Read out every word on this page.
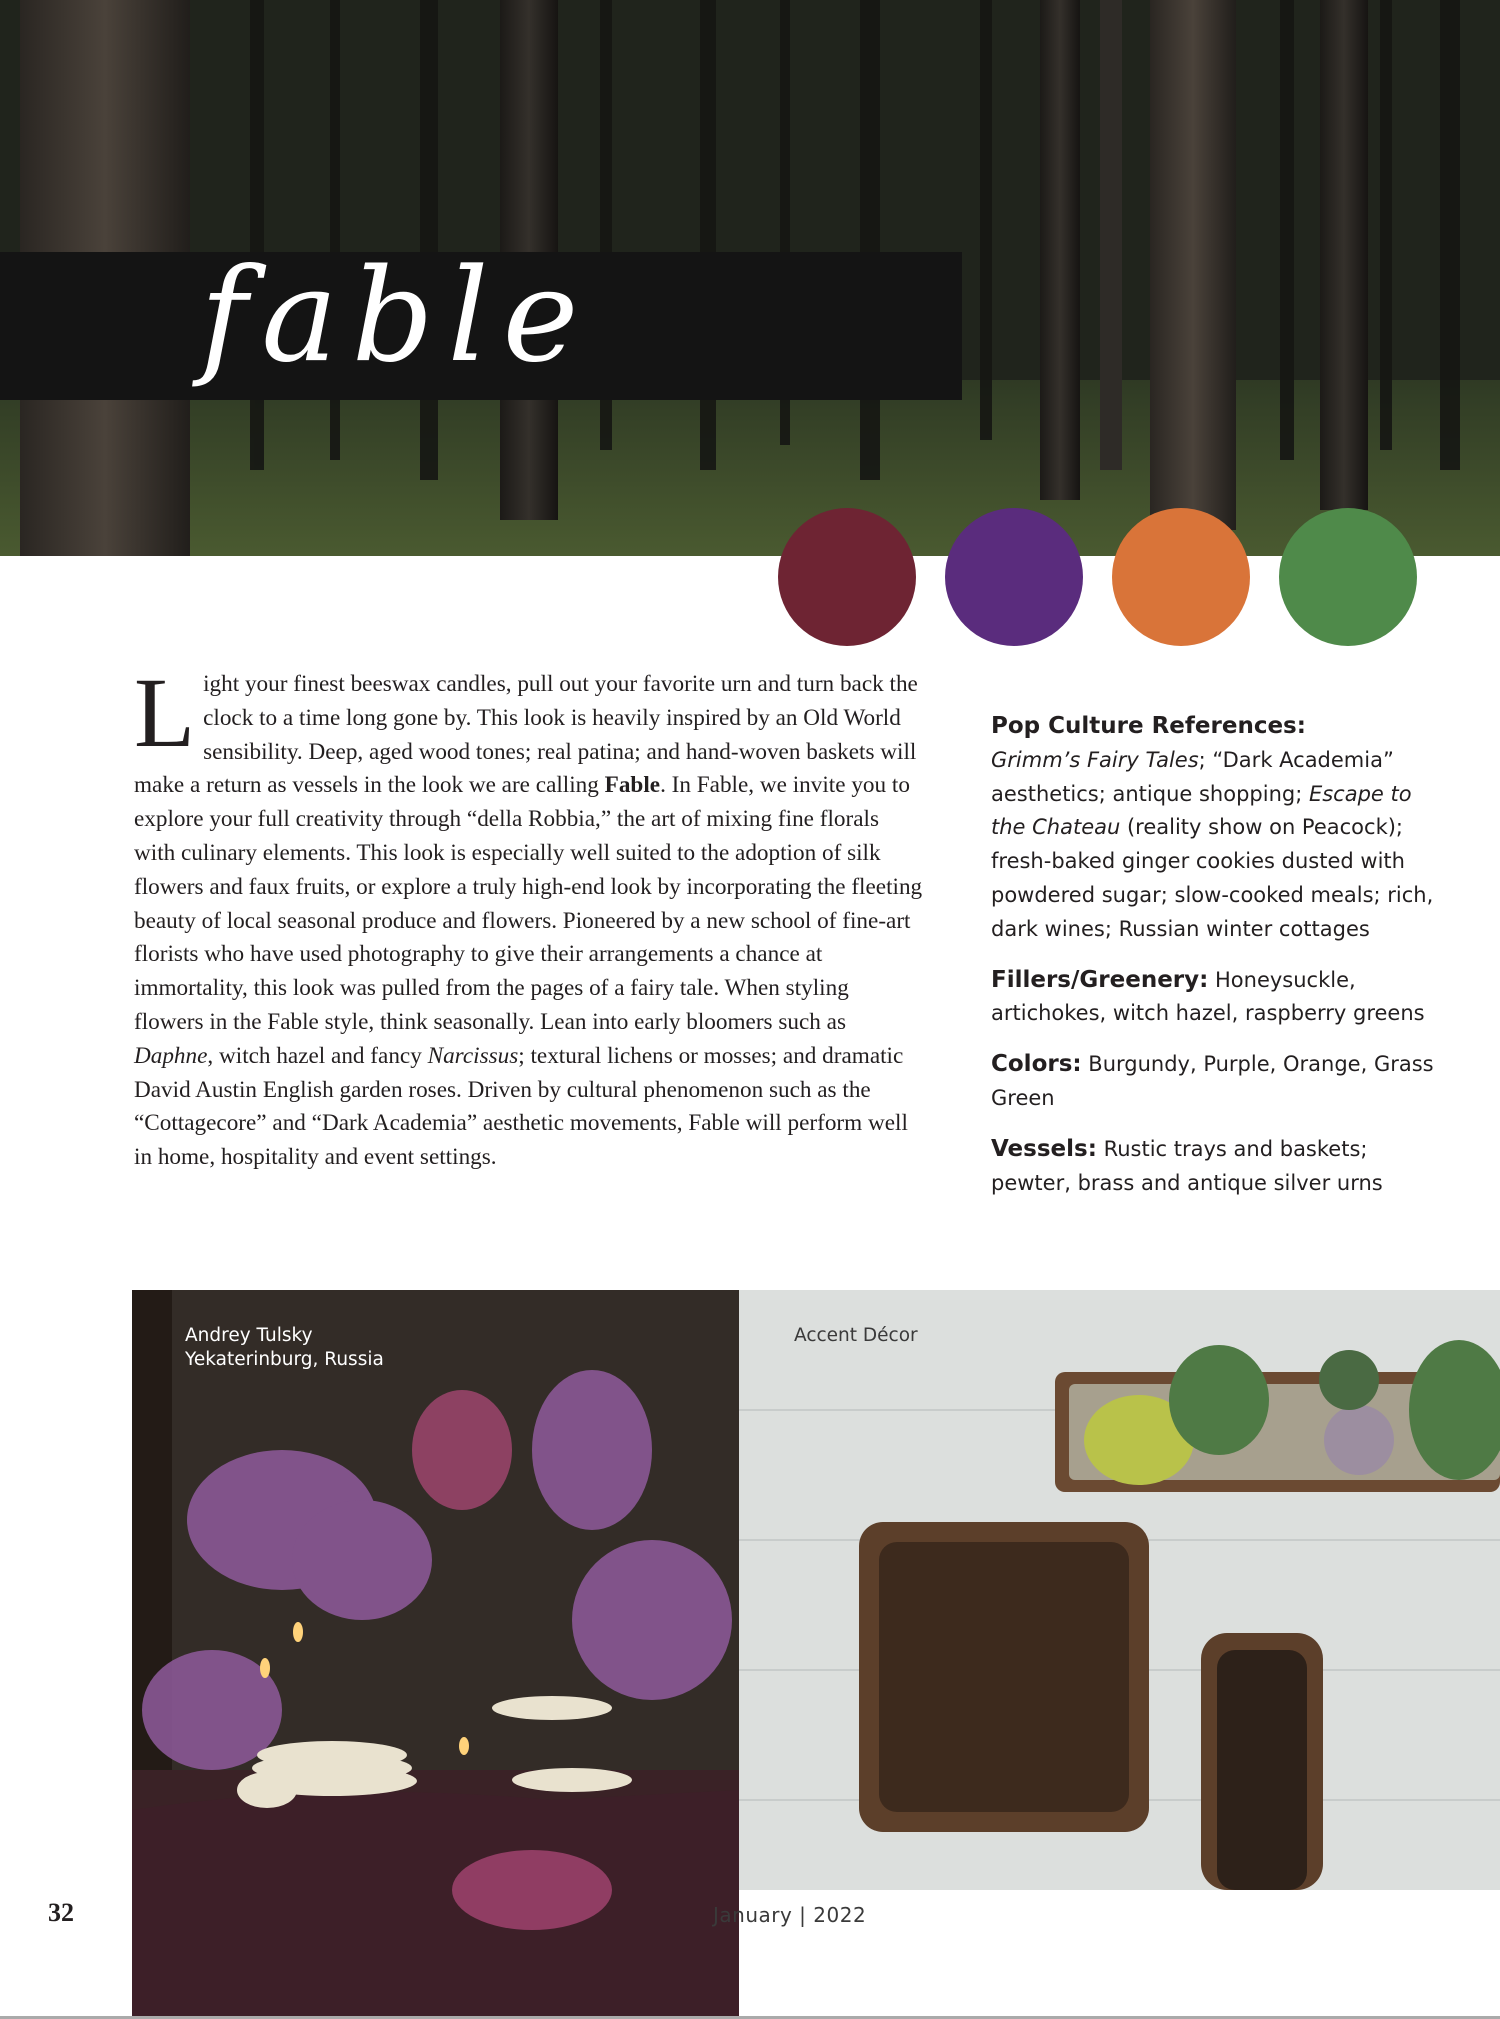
fable
Light your finest beeswax candles, pull out your favorite urn and turn back the clock to a time long gone by. This look is heavily inspired by an Old World sensibility. Deep, aged wood tones; real patina; and hand-woven baskets will make a return as vessels in the look we are calling Fable. In Fable, we invite you to explore your full creativity through “della Robbia,” the art of mixing fine florals with culinary elements. This look is especially well suited to the adoption of silk flowers and faux fruits, or explore a truly high-end look by incorporating the fleeting beauty of local seasonal produce and flowers. Pioneered by a new school of fine-art florists who have used photography to give their arrangements a chance at immortality, this look was pulled from the pages of a fairy tale. When styling flowers in the Fable style, think seasonally. Lean into early bloomers such as Daphne, witch hazel and fancy Narcissus; textural lichens or mosses; and dramatic David Austin English garden roses. Driven by cultural phenomenon such as the “Cottagecore” and “Dark Academia” aesthetic movements, Fable will perform well in home, hospitality and event settings.
Pop Culture References:
Grimm’s Fairy Tales; “Dark Academia” aesthetics; antique shopping; Escape to the Chateau (reality show on Peacock); fresh-baked ginger cookies dusted with powdered sugar; slow-cooked meals; rich, dark wines; Russian winter cottages
Fillers/Greenery: Honeysuckle, artichokes, witch hazel, raspberry greens
Colors: Burgundy, Purple, Orange, Grass Green
Vessels: Rustic trays and baskets; pewter, brass and antique silver urns
Andrey Tulsky
Yekaterinburg, Russia
Accent Décor
32	January | 2022
